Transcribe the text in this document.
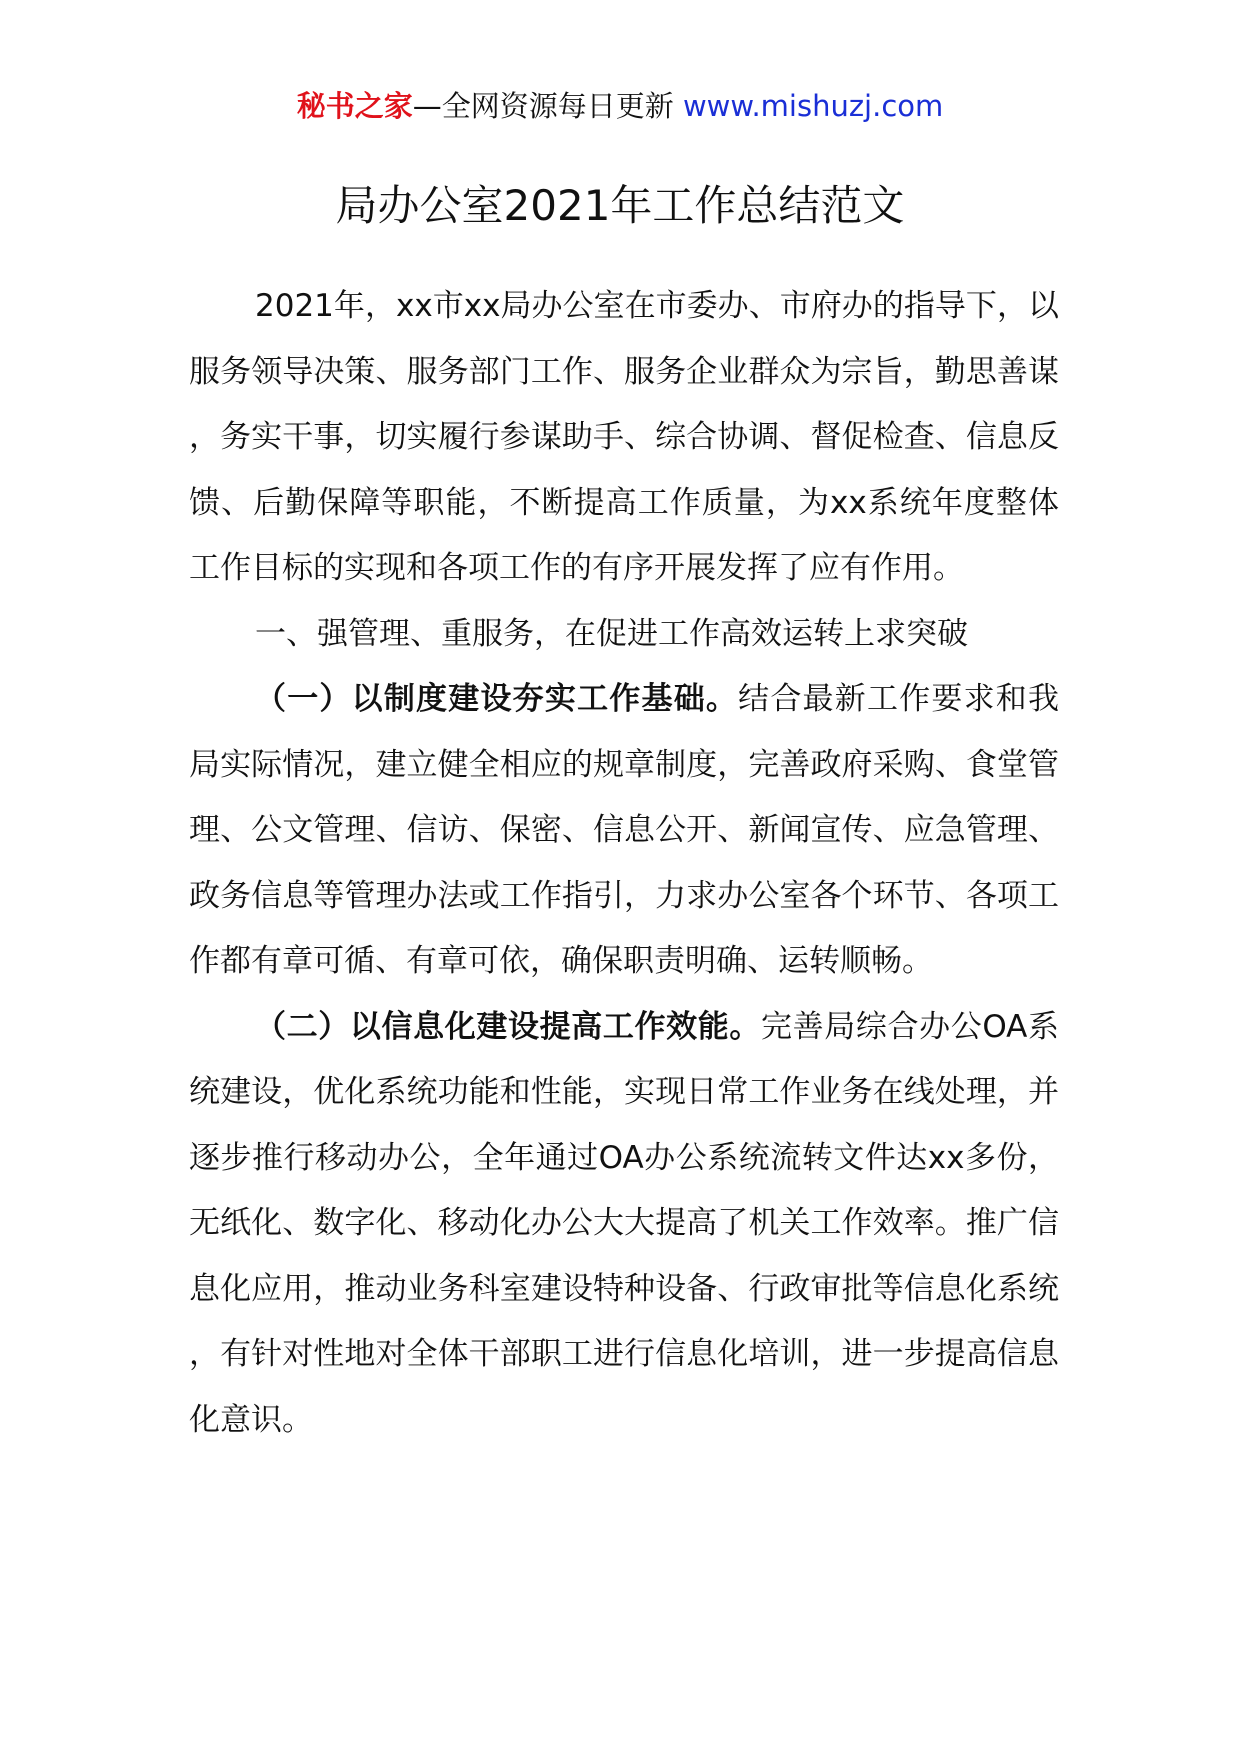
秘书之家—全网资源每日更新 www.mishuzj.com
局办公室2021年工作总结范文

2021年，xx市xx局办公室在市委办、市府办的指导下，以服务领导决策、服务部门工作、服务企业群众为宗旨，勤思善谋，务实干事，切实履行参谋助手、综合协调、督促检查、信息反馈、后勤保障等职能，不断提高工作质量，为xx系统年度整体工作目标的实现和各项工作的有序开展发挥了应有作用。

一、强管理、重服务，在促进工作高效运转上求突破

（一）以制度建设夯实工作基础。结合最新工作要求和我局实际情况，建立健全相应的规章制度，完善政府采购、食堂管理、公文管理、信访、保密、信息公开、新闻宣传、应急管理、政务信息等管理办法或工作指引，力求办公室各个环节、各项工作都有章可循、有章可依，确保职责明确、运转顺畅。

（二）以信息化建设提高工作效能。完善局综合办公OA系统建设，优化系统功能和性能，实现日常工作业务在线处理，并逐步推行移动办公，全年通过OA办公系统流转文件达xx多份，无纸化、数字化、移动化办公大大提高了机关工作效率。推广信息化应用，推动业务科室建设特种设备、行政审批等信息化系统，有针对性地对全体干部职工进行信息化培训，进一步提高信息化意识。
